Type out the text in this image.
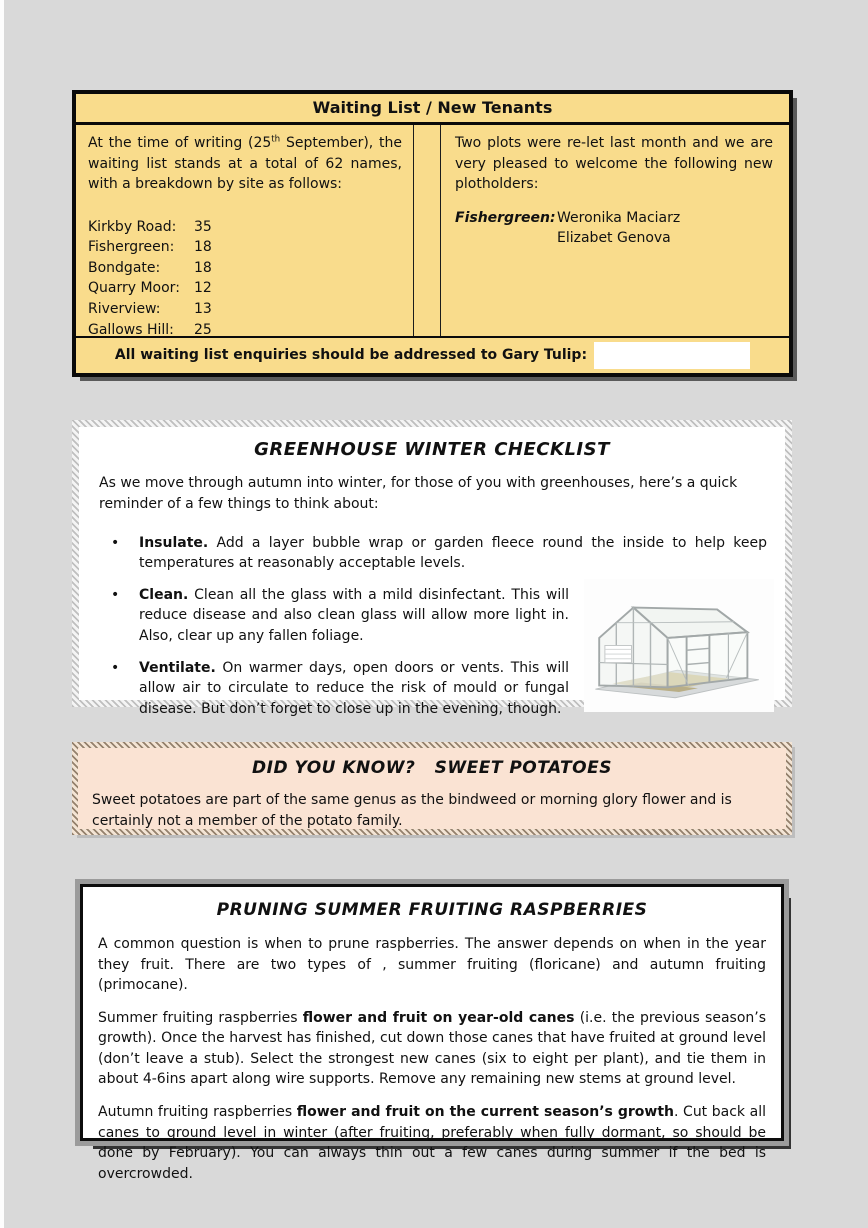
Waiting List / New Tenants

At the time of writing (25th September), the waiting list stands at a total of 62 names, with a breakdown by site as follows:

Kirkby Road:	35
Fishergreen:	18
Bondgate:	18
Quarry Moor:	12
Riverview:	13
Gallows Hill:	25

Two plots were re-let last month and we are very pleased to welcome the following new plotholders:

Fishergreen: Weronika Maciarz
Elizabet Genova
All waiting list enquiries should be addressed to Gary Tulip:
GREENHOUSE WINTER CHECKLIST

As we move through autumn into winter, for those of you with greenhouses, here’s a quick reminder of a few things to think about:

• Insulate. Add a layer bubble wrap or garden fleece round the inside to help keep temperatures at reasonably acceptable levels.
• Clean. Clean all the glass with a mild disinfectant. This will reduce disease and also clean glass will allow more light in. Also, clear up any fallen foliage.
• Ventilate. On warmer days, open doors or vents. This will allow air to circulate to reduce the risk of mould or fungal disease. But don’t forget to close up in the evening, though.
DID YOU KNOW?   SWEET POTATOES

Sweet potatoes are part of the same genus as the bindweed or morning glory flower and is certainly not a member of the potato family.

PRUNING SUMMER FRUITING RASPBERRIES

A common question is when to prune raspberries. The answer depends on when in the year they fruit. There are two types of , summer fruiting (floricane) and autumn fruiting (primocane).

Summer fruiting raspberries flower and fruit on year-old canes (i.e. the previous season’s growth). Once the harvest has finished, cut down those canes that have fruited at ground level (don’t leave a stub). Select the strongest new canes (six to eight per plant), and tie them in about 4-6ins apart along wire supports. Remove any remaining new stems at ground level.

Autumn fruiting raspberries flower and fruit on the current season’s growth. Cut back all canes to ground level in winter (after fruiting, preferably when fully dormant, so should be done by February). You can always thin out a few canes during summer if the bed is overcrowded.
